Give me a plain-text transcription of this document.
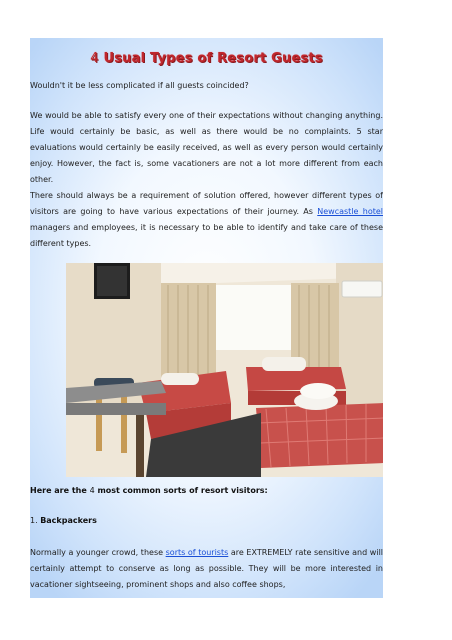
4 Usual Types of Resort Guests
Wouldn't it be less complicated if all guests coincided?
We would be able to satisfy every one of their expectations without changing anything. Life would certainly be basic, as well as there would be no complaints. 5 star evaluations would certainly be easily received, as well as every person would certainly enjoy. However, the fact is, some vacationers are not a lot more different from each other.
There should always be a requirement of solution offered, however different types of visitors are going to have various expectations of their journey. As Newcastle hotel managers and employees, it is necessary to be able to identify and take care of these different types.
Here are the 4 most common sorts of resort visitors:
1. Backpackers
Normally a younger crowd, these sorts of tourists are EXTREMELY rate sensitive and will certainly attempt to conserve as long as possible. They will be more interested in vacationer sightseeing, prominent shops and also coffee shops,
